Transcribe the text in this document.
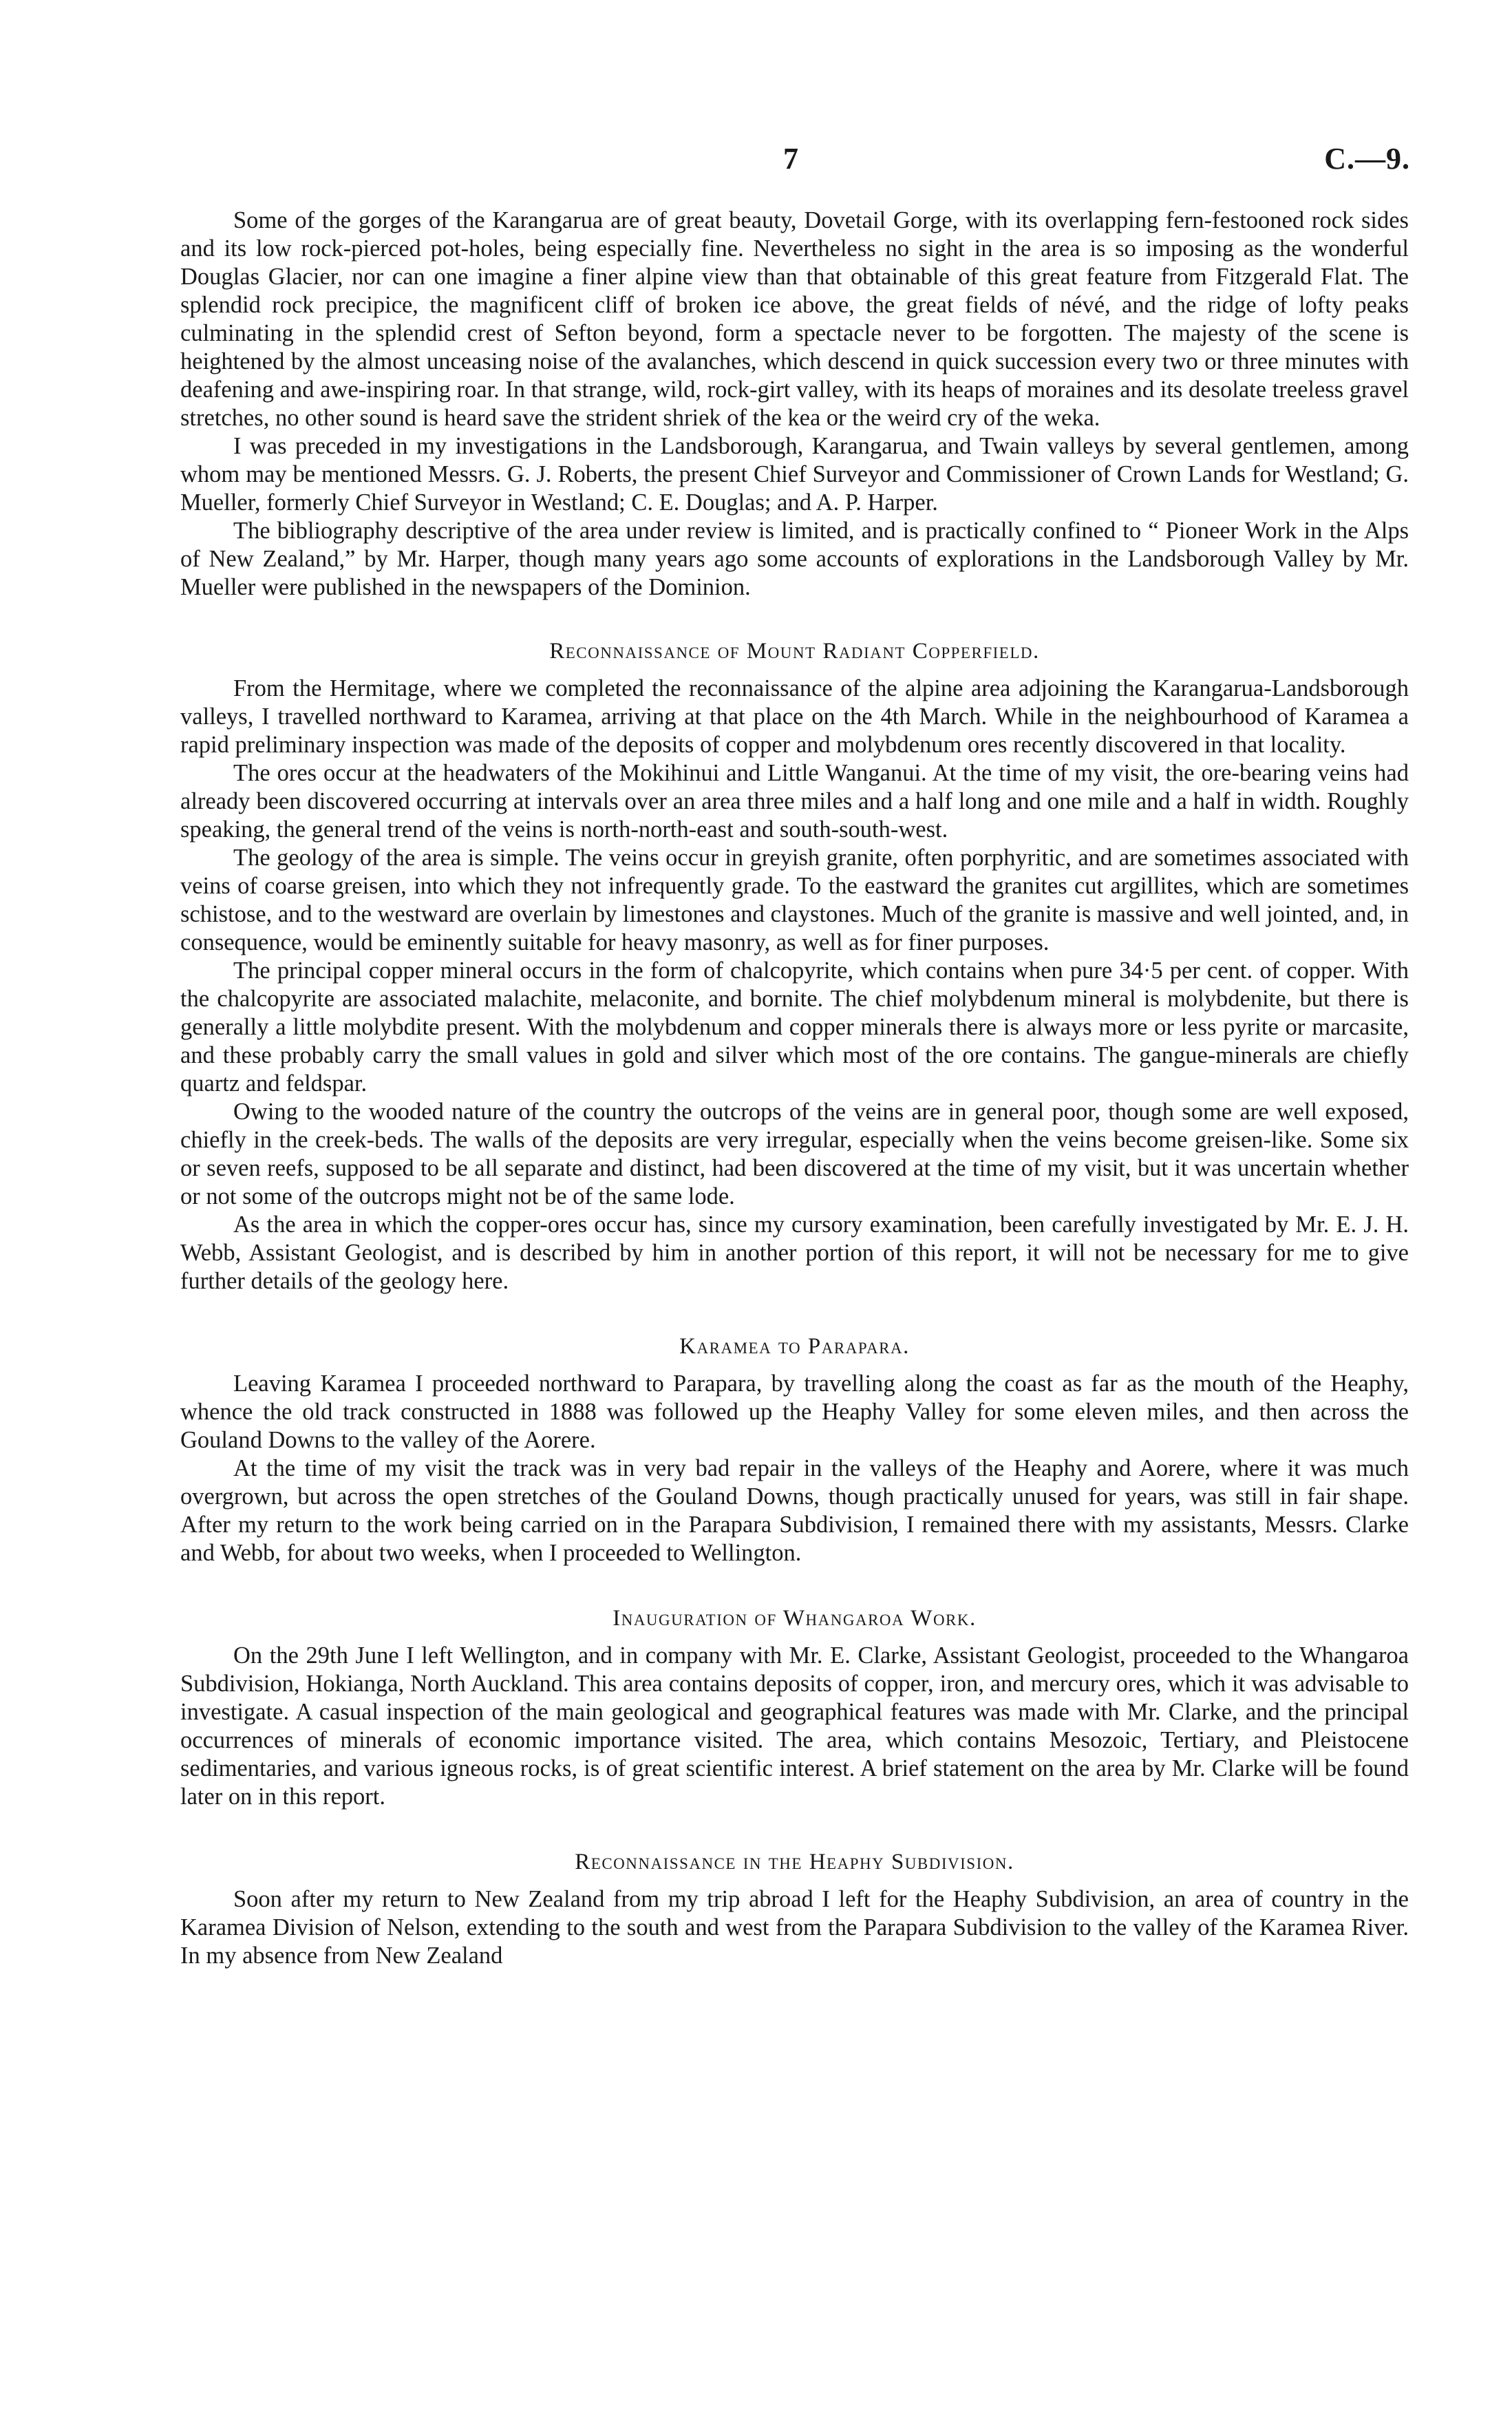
7	C.—9.

Some of the gorges of the Karangarua are of great beauty, Dovetail Gorge, with its overlapping fern-festooned rock sides and its low rock-pierced pot-holes, being especially fine. Nevertheless no sight in the area is so imposing as the wonderful Douglas Glacier, nor can one imagine a finer alpine view than that obtainable of this great feature from Fitzgerald Flat. The splendid rock precipice, the magnificent cliff of broken ice above, the great fields of névé, and the ridge of lofty peaks culminating in the splendid crest of Sefton beyond, form a spectacle never to be forgotten. The majesty of the scene is heightened by the almost unceasing noise of the avalanches, which descend in quick succession every two or three minutes with deafening and awe-inspiring roar. In that strange, wild, rock-girt valley, with its heaps of moraines and its desolate treeless gravel stretches, no other sound is heard save the strident shriek of the kea or the weird cry of the weka.

I was preceded in my investigations in the Landsborough, Karangarua, and Twain valleys by several gentlemen, among whom may be mentioned Messrs. G. J. Roberts, the present Chief Surveyor and Commissioner of Crown Lands for Westland; G. Mueller, formerly Chief Surveyor in Westland; C. E. Douglas; and A. P. Harper.

The bibliography descriptive of the area under review is limited, and is practically confined to “ Pioneer Work in the Alps of New Zealand,” by Mr. Harper, though many years ago some accounts of explorations in the Landsborough Valley by Mr. Mueller were published in the newspapers of the Dominion.

Reconnaissance of Mount Radiant Copperfield.

From the Hermitage, where we completed the reconnaissance of the alpine area adjoining the Karangarua-Landsborough valleys, I travelled northward to Karamea, arriving at that place on the 4th March. While in the neighbourhood of Karamea a rapid preliminary inspection was made of the deposits of copper and molybdenum ores recently discovered in that locality.

The ores occur at the headwaters of the Mokihinui and Little Wanganui. At the time of my visit, the ore-bearing veins had already been discovered occurring at intervals over an area three miles and a half long and one mile and a half in width. Roughly speaking, the general trend of the veins is north-north-east and south-south-west.

The geology of the area is simple. The veins occur in greyish granite, often porphyritic, and are sometimes associated with veins of coarse greisen, into which they not infrequently grade. To the eastward the granites cut argillites, which are sometimes schistose, and to the westward are overlain by limestones and claystones. Much of the granite is massive and well jointed, and, in consequence, would be eminently suitable for heavy masonry, as well as for finer purposes.

The principal copper mineral occurs in the form of chalcopyrite, which contains when pure 34·5 per cent. of copper. With the chalcopyrite are associated malachite, melaconite, and bornite. The chief molybdenum mineral is molybdenite, but there is generally a little molybdite present. With the molybdenum and copper minerals there is always more or less pyrite or marcasite, and these probably carry the small values in gold and silver which most of the ore contains. The gangue-minerals are chiefly quartz and feldspar.

Owing to the wooded nature of the country the outcrops of the veins are in general poor, though some are well exposed, chiefly in the creek-beds. The walls of the deposits are very irregular, especially when the veins become greisen-like. Some six or seven reefs, supposed to be all separate and distinct, had been discovered at the time of my visit, but it was uncertain whether or not some of the outcrops might not be of the same lode.

As the area in which the copper-ores occur has, since my cursory examination, been carefully investigated by Mr. E. J. H. Webb, Assistant Geologist, and is described by him in another portion of this report, it will not be necessary for me to give further details of the geology here.

Karamea to Parapara.

Leaving Karamea I proceeded northward to Parapara, by travelling along the coast as far as the mouth of the Heaphy, whence the old track constructed in 1888 was followed up the Heaphy Valley for some eleven miles, and then across the Gouland Downs to the valley of the Aorere.

At the time of my visit the track was in very bad repair in the valleys of the Heaphy and Aorere, where it was much overgrown, but across the open stretches of the Gouland Downs, though practically unused for years, was still in fair shape. After my return to the work being carried on in the Parapara Subdivision, I remained there with my assistants, Messrs. Clarke and Webb, for about two weeks, when I proceeded to Wellington.

Inauguration of Whangaroa Work.

On the 29th June I left Wellington, and in company with Mr. E. Clarke, Assistant Geologist, proceeded to the Whangaroa Subdivision, Hokianga, North Auckland. This area contains deposits of copper, iron, and mercury ores, which it was advisable to investigate. A casual inspection of the main geological and geographical features was made with Mr. Clarke, and the principal occurrences of minerals of economic importance visited. The area, which contains Mesozoic, Tertiary, and Pleistocene sedimentaries, and various igneous rocks, is of great scientific interest. A brief statement on the area by Mr. Clarke will be found later on in this report.

Reconnaissance in the Heaphy Subdivision.

Soon after my return to New Zealand from my trip abroad I left for the Heaphy Subdivision, an area of country in the Karamea Division of Nelson, extending to the south and west from the Parapara Subdivision to the valley of the Karamea River. In my absence from New Zealand
